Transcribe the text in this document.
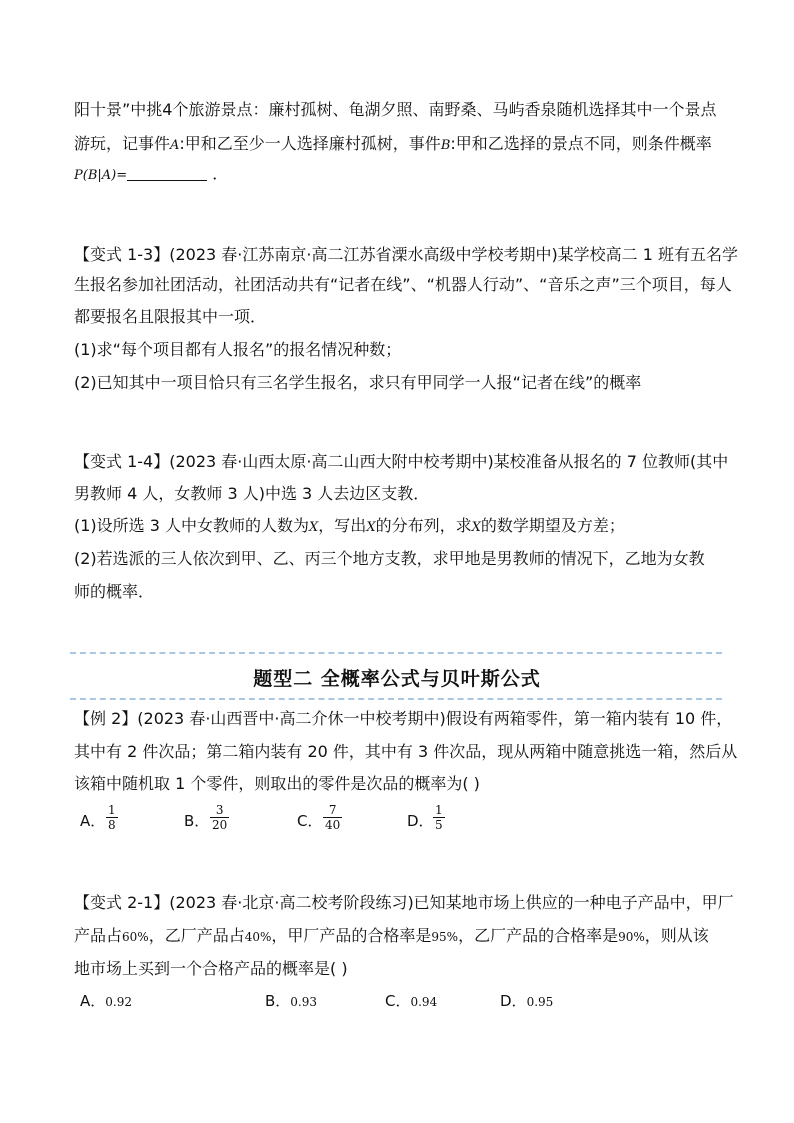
阳十景”中挑4个旅游景点：廉村孤树、龟湖夕照、南野桑、马屿香泉随机选择其中一个景点
游玩，记事件A:甲和乙至少一人选择廉村孤树，事件B:甲和乙选择的景点不同，则条件概率
P(B|A)=	．
【变式 1-3】(2023 春·江苏南京·高二江苏省溧水高级中学校考期中)某学校高二 1 班有五名学
生报名参加社团活动，社团活动共有“记者在线”、“机器人行动”、“音乐之声”三个项目，每人
都要报名且限报其中一项．
(1)求“每个项目都有人报名”的报名情况种数；
(2)已知其中一项目恰只有三名学生报名，求只有甲同学一人报“记者在线”的概率
【变式 1-4】(2023 春·山西太原·高二山西大附中校考期中)某校准备从报名的 7 位教师(其中
男教师 4 人，女教师 3 人)中选 3 人去边区支教．
(1)设所选 3 人中女教师的人数为X，写出X的分布列，求X的数学期望及方差；
(2)若选派的三人依次到甲、乙、丙三个地方支教，求甲地是男教师的情况下，乙地为女教
师的概率．
题型二 全概率公式与贝叶斯公式
【例 2】(2023 春·山西晋中·高二介休一中校考期中)假设有两箱零件，第一箱内装有 10 件，
其中有 2 件次品；第二箱内装有 20 件，其中有 3 件次品，现从两箱中随意挑选一箱，然后从
该箱中随机取 1 个零件，则取出的零件是次品的概率为( )
A． $\frac{1}{8}$	B． $\frac{3}{20}$	C． $\frac{7}{40}$	D． $\frac{1}{5}$
【变式 2-1】(2023 春·北京·高二校考阶段练习)已知某地市场上供应的一种电子产品中，甲厂
产品占60%，乙厂产品占40%，甲厂产品的合格率是95%，乙厂产品的合格率是90%，则从该
地市场上买到一个合格产品的概率是( )
A．0.92	B．0.93	C．0.94	D．0.95
